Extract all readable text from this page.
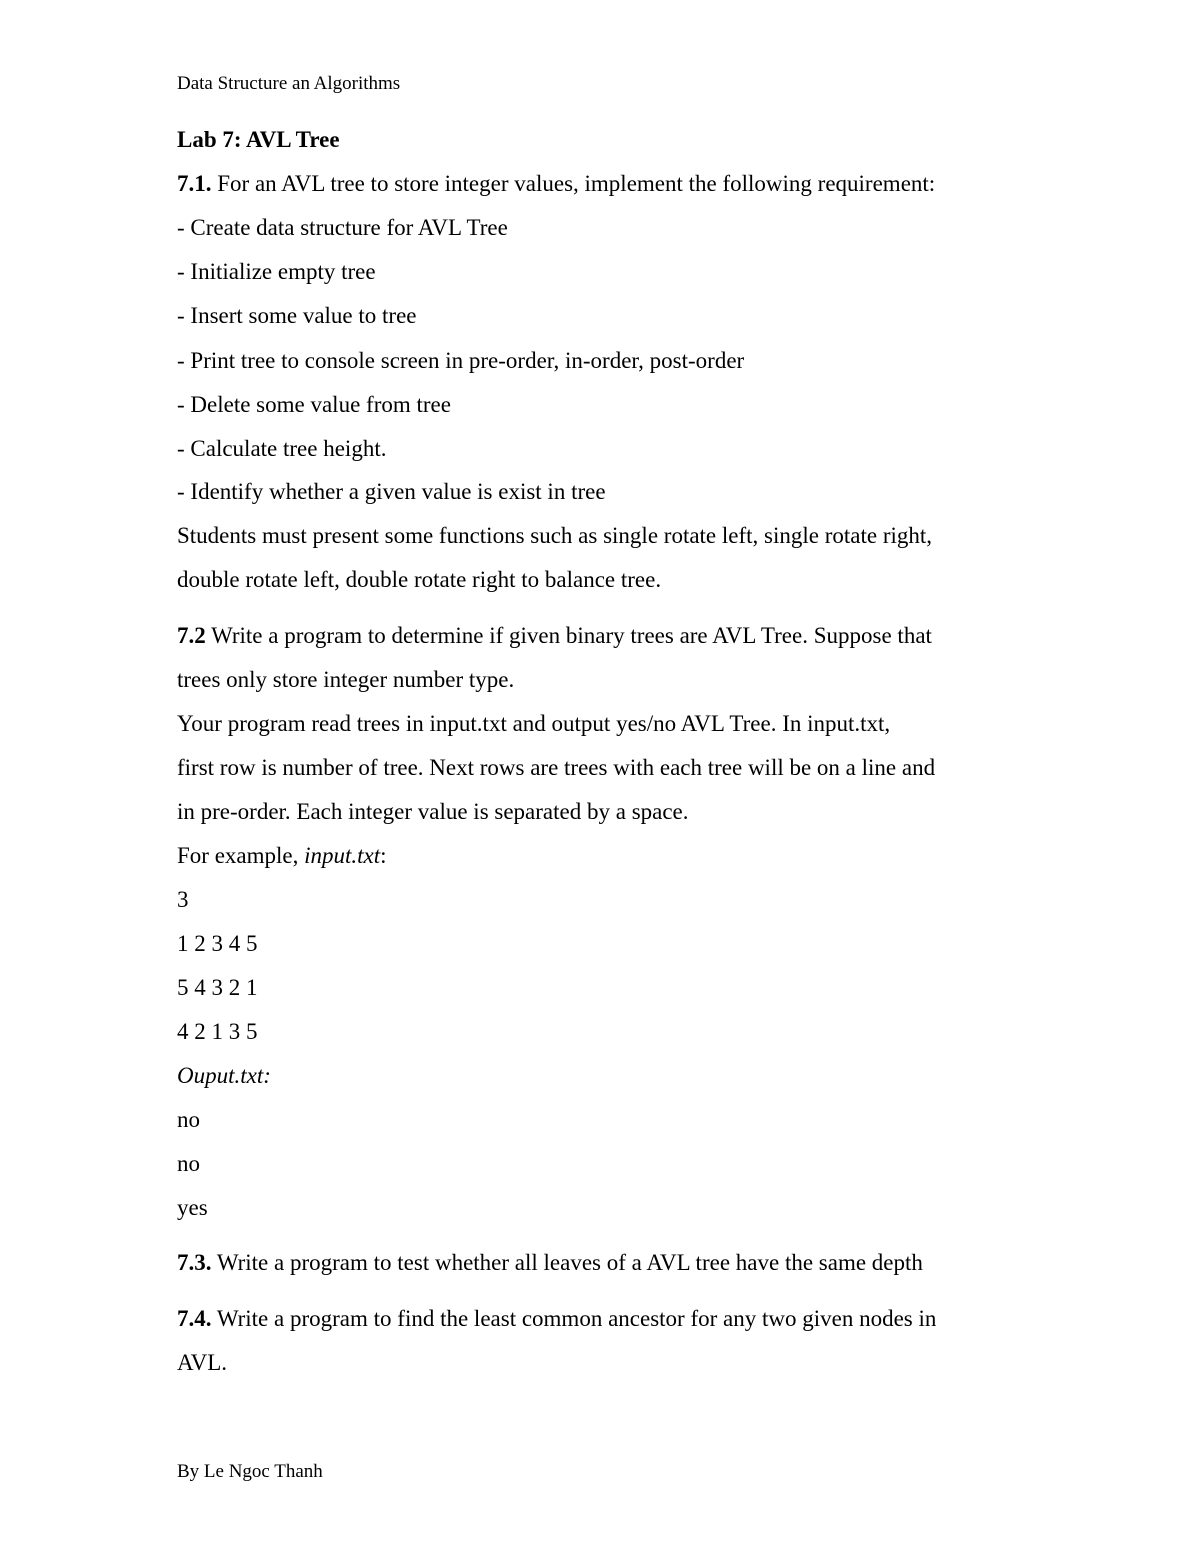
Data Structure an Algorithms
Lab 7: AVL Tree
7.1. For an AVL tree to store integer values, implement the following requirement:
- Create data structure for AVL Tree
- Initialize empty tree
- Insert some value to tree
- Print tree to console screen in pre-order, in-order, post-order
- Delete some value from tree
- Calculate tree height.
- Identify whether a given value is exist in tree
Students must present some functions such as single rotate left, single rotate right,
double rotate left, double rotate right to balance tree.
7.2 Write a program to determine if given binary trees are AVL Tree. Suppose that
trees only store integer number type.
Your program read trees in input.txt and output yes/no AVL Tree. In input.txt,
first row is number of tree. Next rows are trees with each tree will be on a line and
in pre-order. Each integer value is separated by a space.
For example, input.txt:
3
1 2 3 4 5
5 4 3 2 1
4 2 1 3 5
Ouput.txt:
no
no
yes
7.3. Write a program to test whether all leaves of a AVL tree have the same depth
7.4. Write a program to find the least common ancestor for any two given nodes in
AVL.
By Le Ngoc Thanh
